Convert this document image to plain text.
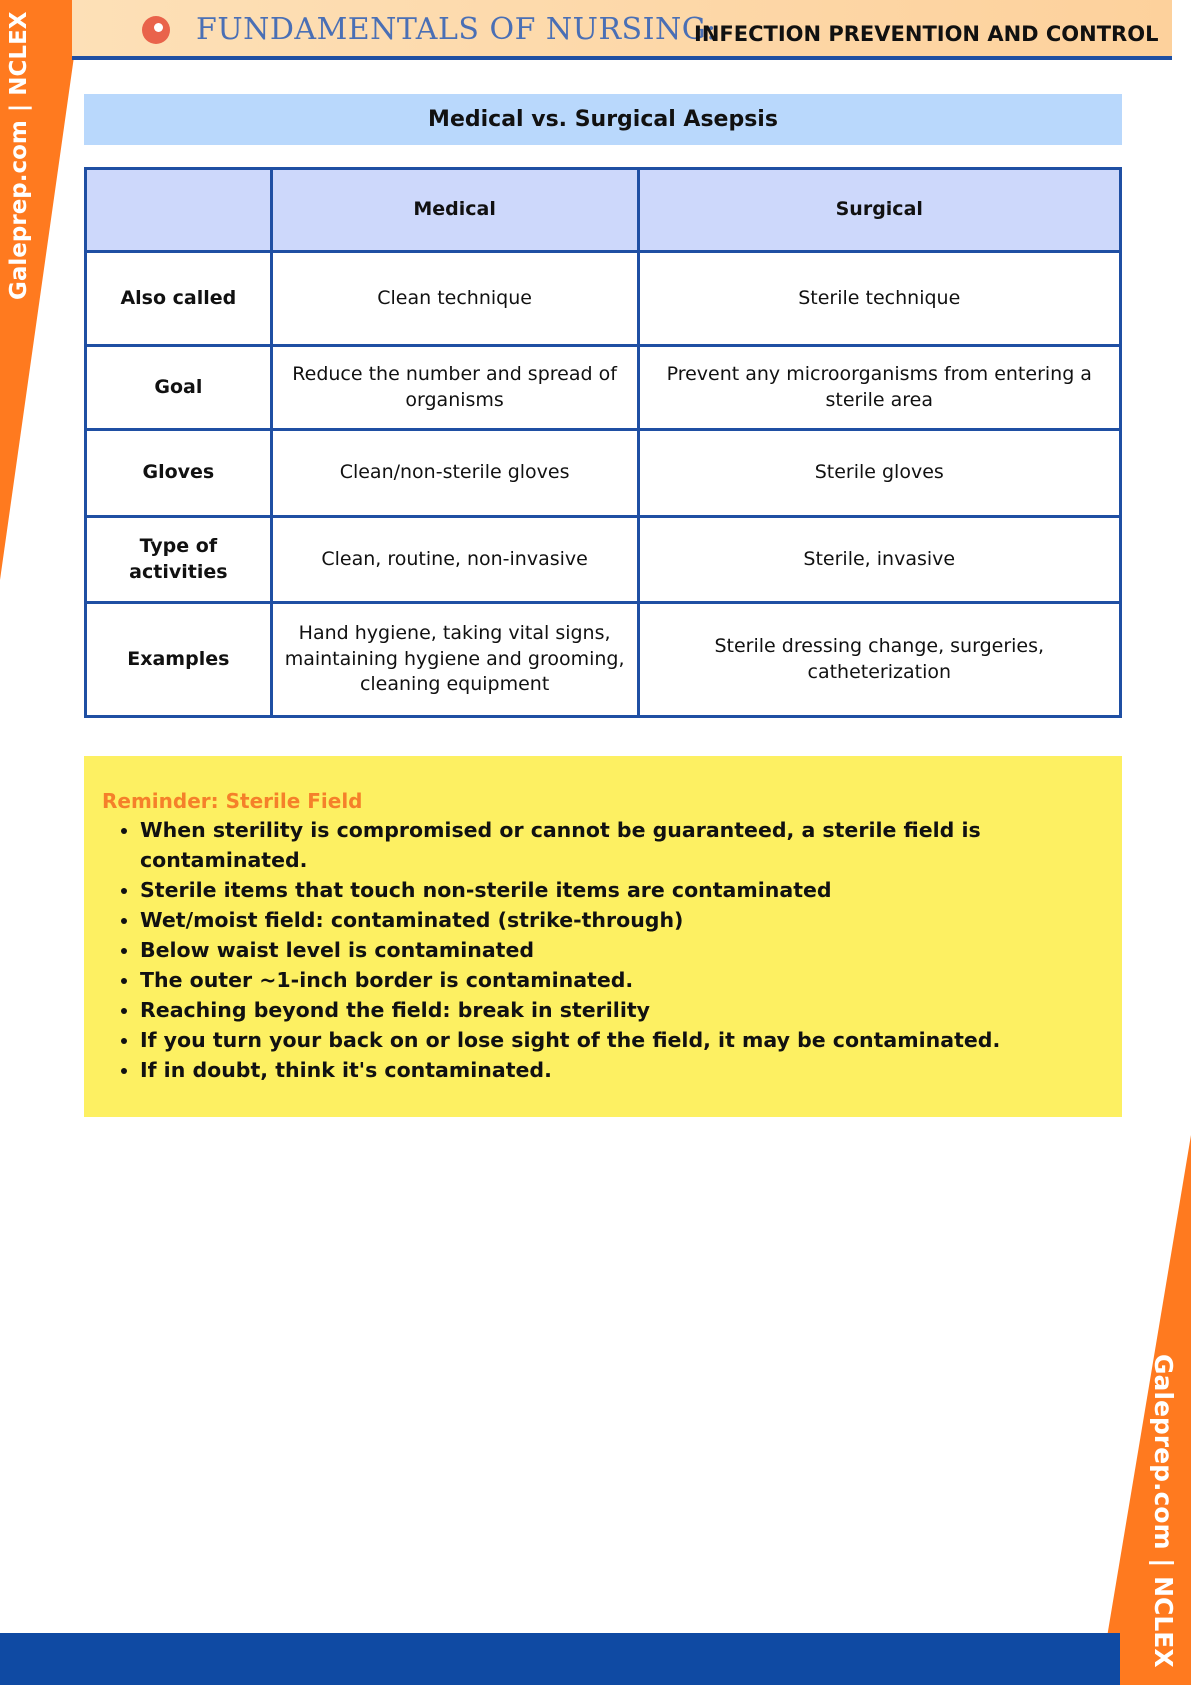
Galeprep.com | NCLEX	FUNDAMENTALS OF NURSING:
INFECTION PREVENTION AND CONTROL
Medical vs. Surgical Asepsis
	Medical	Surgical
Also called	Clean technique	Sterile technique
Goal	Reduce the number and spread of organisms	Prevent any microorganisms from entering a sterile area
Gloves	Clean/non-sterile gloves	Sterile gloves
Type of activities	Clean, routine, non-invasive	Sterile, invasive
Examples	Hand hygiene, taking vital signs, maintaining hygiene and grooming, cleaning equipment	Sterile dressing change, surgeries, catheterization
Reminder: Sterile Field
• When sterility is compromised or cannot be guaranteed, a sterile field is contaminated.
• Sterile items that touch non-sterile items are contaminated
• Wet/moist field: contaminated (strike-through)
• Below waist level is contaminated
• The outer ~1-inch border is contaminated.
• Reaching beyond the field: break in sterility
• If you turn your back on or lose sight of the field, it may be contaminated.
• If in doubt, think it's contaminated.
Galeprep.com | NCLEX
